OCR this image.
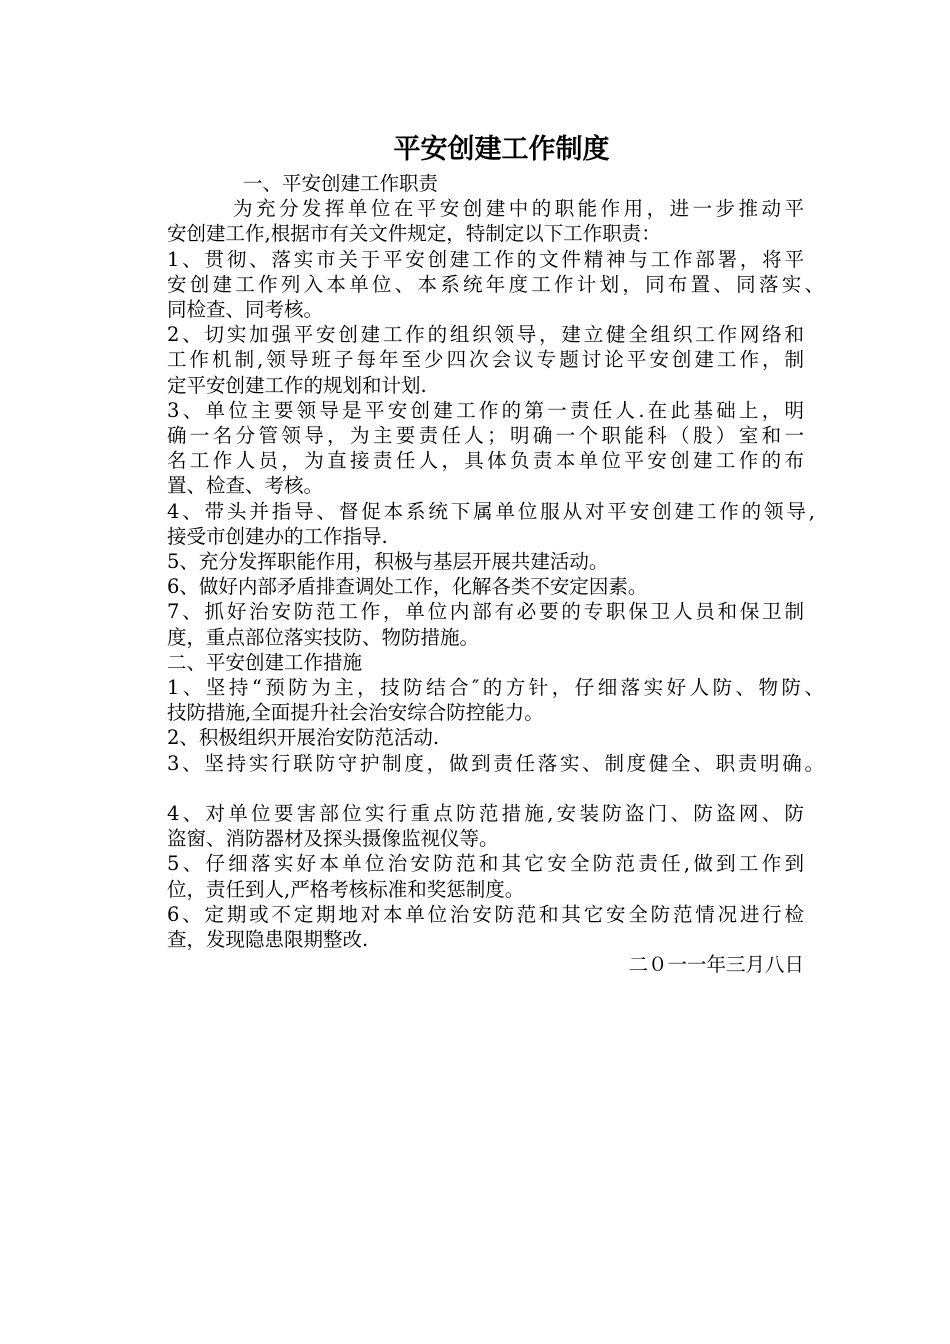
平安创建工作制度

一、平安创建工作职责

为充分发挥单位在平安创建中的职能作用，进一步推动平

安创建工作,根据市有关文件规定，特制定以下工作职责：

1、贯彻、落实市关于平安创建工作的文件精神与工作部署，将平

安创建工作列入本单位、本系统年度工作计划，同布置、同落实、

同检查、同考核。

2、切实加强平安创建工作的组织领导，建立健全组织工作网络和

工作机制,领导班子每年至少四次会议专题讨论平安创建工作，制

定平安创建工作的规划和计划.

3、单位主要领导是平安创建工作的第一责任人.在此基础上，明

确一名分管领导，为主要责任人；明确一个职能科（股）室和一

名工作人员，为直接责任人，具体负责本单位平安创建工作的布

置、检查、考核。

4、带头并指导、督促本系统下属单位服从对平安创建工作的领导,

接受市创建办的工作指导.

5、充分发挥职能作用，积极与基层开展共建活动。

6、做好内部矛盾排查调处工作，化解各类不安定因素。

7、抓好治安防范工作，单位内部有必要的专职保卫人员和保卫制

度，重点部位落实技防、物防措施。

二、平安创建工作措施

1、坚持“预防为主，技防结合″的方针，仔细落实好人防、物防、

技防措施,全面提升社会治安综合防控能力。

2、积极组织开展治安防范活动.

3、坚持实行联防守护制度，做到责任落实、制度健全、职责明确。

4、对单位要害部位实行重点防范措施,安装防盗门、防盗网、防

盗窗、消防器材及探头摄像监视仪等。

5、仔细落实好本单位治安防范和其它安全防范责任,做到工作到

位，责任到人,严格考核标准和奖惩制度。

6、定期或不定期地对本单位治安防范和其它安全防范情况进行检

查，发现隐患限期整改.

二０一一年三月八日
